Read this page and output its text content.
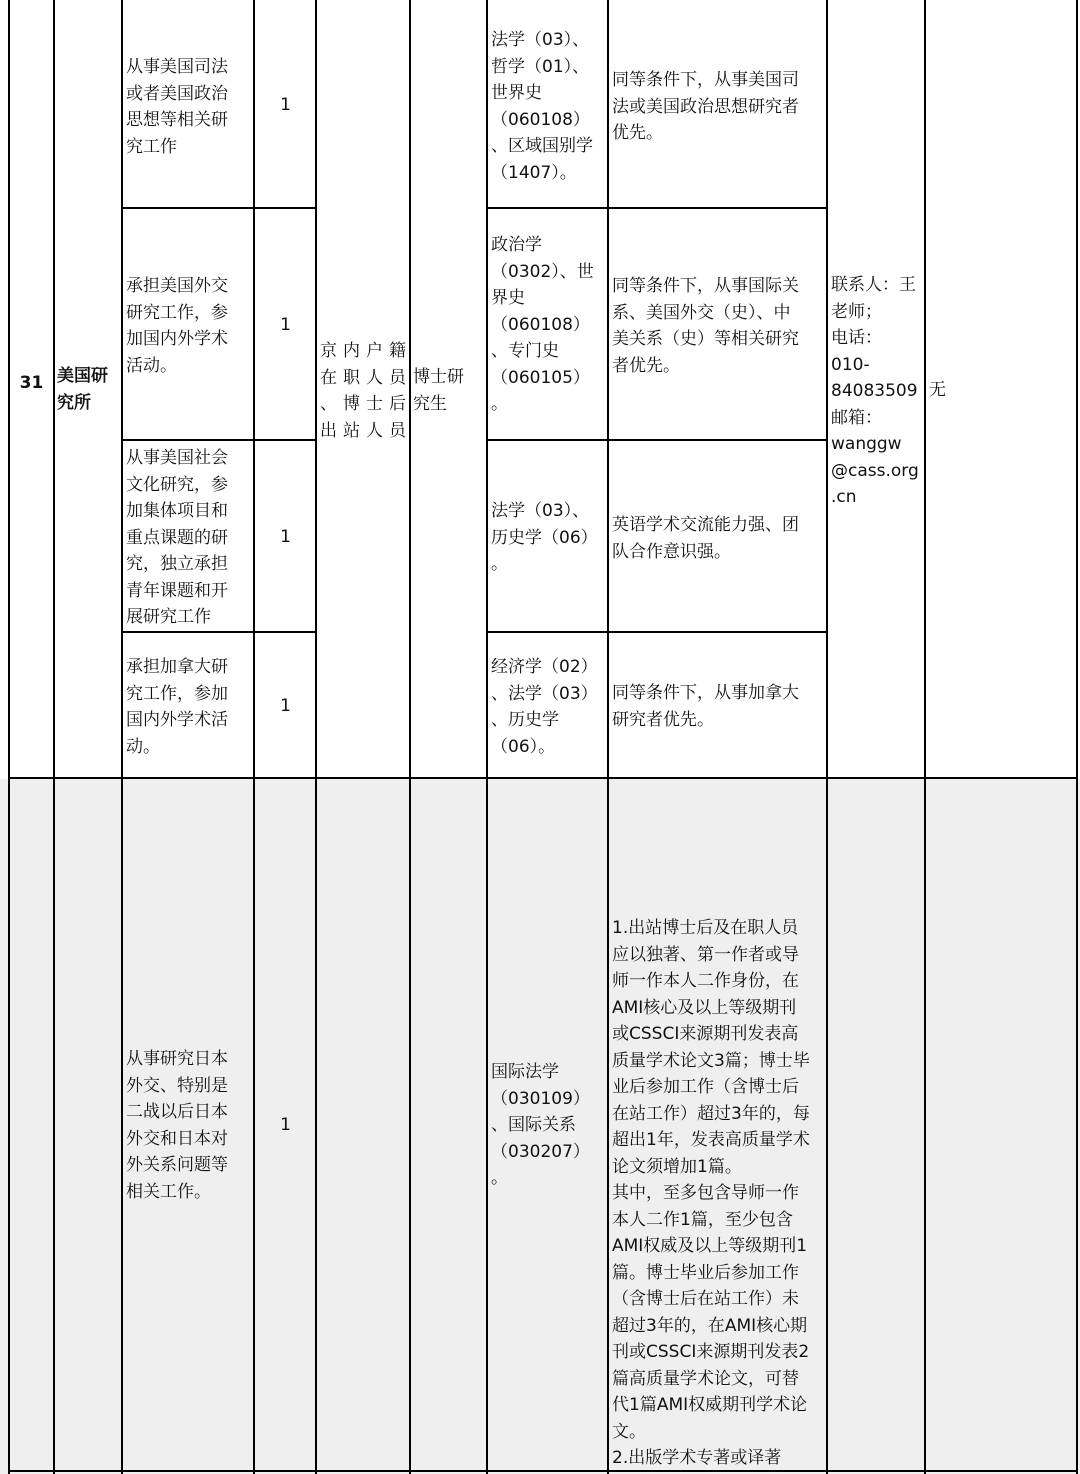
31 美国研
究所
京内户籍
在职人员
、博士后
出站人员
博士研
究生
联系人：王
老师；
电话：
010-
84083509
邮箱：
wanggw
@cass.org
.cn
无
从事美国司法
或者美国政治
思想等相关研
究工作
1
法学（03）、
哲学（01）、
世界史
（060108）
、区域国别学
（1407）。
同等条件下，从事美国司
法或美国政治思想研究者
优先。
承担美国外交
研究工作，参
加国内外学术
活动。
1
政治学
（0302）、世
界史
（060108）
、专门史
（060105）
。
同等条件下，从事国际关
系、美国外交（史）、中
美关系（史）等相关研究
者优先。
从事美国社会
文化研究，参
加集体项目和
重点课题的研
究，独立承担
青年课题和开
展研究工作
1
法学（03）、
历史学（06）
。
英语学术交流能力强、团
队合作意识强。
承担加拿大研
究工作，参加
国内外学术活
动。
1
经济学（02）
、法学（03）
、历史学
（06）。
同等条件下，从事加拿大
研究者优先。
从事研究日本
外交、特别是
二战以后日本
外交和日本对
外关系问题等
相关工作。
1
国际法学
（030109）
、国际关系
（030207）
。
1.出站博士后及在职人员
应以独著、第一作者或导
师一作本人二作身份，在
AMI核心及以上等级期刊
或CSSCI来源期刊发表高
质量学术论文3篇；博士毕
业后参加工作（含博士后
在站工作）超过3年的，每
超出1年，发表高质量学术
论文须增加1篇。
其中，至多包含导师一作
本人二作1篇，至少包含
AMI权威及以上等级期刊1
篇。博士毕业后参加工作
（含博士后在站工作）未
超过3年的，在AMI核心期
刊或CSSCI来源期刊发表2
篇高质量学术论文，可替
代1篇AMI权威期刊学术论
文。
2.出版学术专著或译著
